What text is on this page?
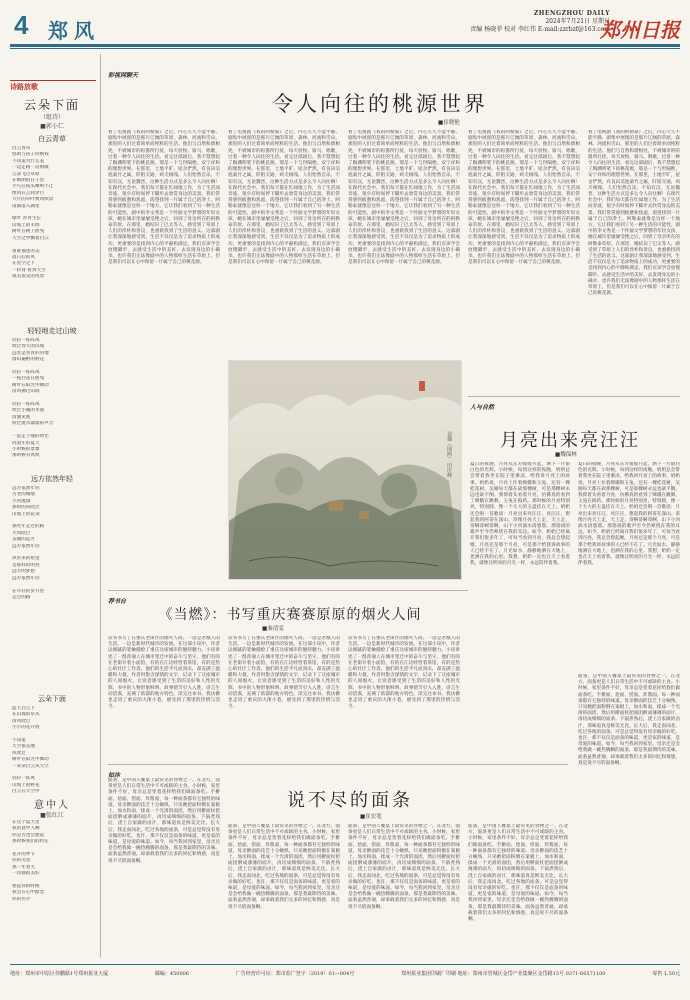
4 郑风
ZHENGZHOU DAILY
2024年7月21日 星期日
责编 杨晓菲 校对 李红伟 E-mail:zzrbzf@163.com
郑州日报
诗路放歌
云朵下面
（组诗）
■郭小仁
白云青草
白云青草
悠闲与孩子同嬉戏
不知道为什么羞
一边走路一边唱歌
云朵飞过草原
在晴朗的日子里
小鸟在枝头啾鸣不止
像风在云间穿行
大片的草叶被风吹动
雨滴落入湖里

绿叶 青青生长
山坡上的羊群
树叶在树上摇曳
天空之中飘着白云

很难描述的美
落日后的风
在星空之下
一转身 看到天空
很美很美的风景
轻轻地走过山坡
轻轻一阵阵风
吹过春天的山坡
远处是青青的草地
漫山遍野的野花

轻轻一阵阵风
一枝白花在摇曳
树叶在阳光中舞动
清风拂过山间

轻轻一阵阵风
吹过小溪的水面
清澈见底
吹过流水潺潺的声音

一起走下坡的时光
同童年的夏天
小时候的景象
那时候有风吹
远方依然年轻
远方依然年轻
古老的城墙
小河流淌
那时的风吹过
山坡上的花朵

那些年走过的路
大风吹过
美丽的远方
远方依然年轻

风带来的希望
是那样的明亮
远方的梦想
远方依然年轻

在年轻的岁月里
走过的路
云朵下面
蓝天白云下
在山坡的草丛
清风吹过
小小的花开放

不知道
天空很美丽
风吹过
树叶在阳光中舞动
一朵朵白云从天空

轻轻一阵风
山坡上的野花
白云在天空中
意中人
■张红江
在这个夏天里
我的意中人啊
你是否也会想起
那时候我们的约定

花开的季节
你的笑容
那一年春天
一切都很美好

想起你的时候
我会在心中默念
你的名字
彩视网聊天
令人向往的桃源世界
■崔晓艳
看了电视剧《我的阿勒泰》之后，内心久久不能平静。剧集中展现的是那片辽阔的草原、森林、河流和雪山，那里的人们过着简单而纯粹的生活。他们与自然和谐相处，不被城市的喧嚣所打扰，每天放牧、骑马、唱歌，过着一种令人向往的生活。看完这部剧后，我不禁想起了陶渊明笔下的桃花源，那是一个与世隔绝、安宁祥和的理想世界。在那里，土地平旷，屋舍俨然，有良田美池桑竹之属，阡陌交通，鸡犬相闻。人们怡然自乐，不知有汉，无论魏晋。这种生活方式是多么令人向往啊！在现代社会中，我们每天都在忙碌地工作，为了生活而奔波，很少有时间停下脚步去欣赏身边的美景。我们常常感到疲惫和焦虑，渴望找到一片属于自己的净土。阿勒泰就像是这样一个地方，它让我们看到了另一种生活的可能性。剧中的李文秀是一个怀揣文学梦想的年轻女孩，她在城市里屡屡受挫之后，回到了母亲所在的阿勒泰草原。在那里，她结识了巴太等人，感受到了草原上人们的淳朴和善良，也重新找到了生活的意义。这部剧让我深深地感受到，生活不仅仅是为了追求物质上的成功，更重要的是找到内心的平静和满足。我们应该学会放慢脚步，去感受生活中的美好，去发现身边的小确幸。也许我们无法像剧中的人物那样生活在草原上，但是我们可以在心中保留一片属于自己的桃花源。
看了电视剧《我的阿勒泰》之后，内心久久不能平静。剧集中展现的是那片辽阔的草原、森林、河流和雪山，那里的人们过着简单而纯粹的生活。他们与自然和谐相处，不被城市的喧嚣所打扰，每天放牧、骑马、唱歌，过着一种令人向往的生活。看完这部剧后，我不禁想起了陶渊明笔下的桃花源，那是一个与世隔绝、安宁祥和的理想世界。在那里，土地平旷，屋舍俨然，有良田美池桑竹之属，阡陌交通，鸡犬相闻。人们怡然自乐，不知有汉，无论魏晋。这种生活方式是多么令人向往啊！在现代社会中，我们每天都在忙碌地工作，为了生活而奔波，很少有时间停下脚步去欣赏身边的美景。我们常常感到疲惫和焦虑，渴望找到一片属于自己的净土。阿勒泰就像是这样一个地方，它让我们看到了另一种生活的可能性。剧中的李文秀是一个怀揣文学梦想的年轻女孩，她在城市里屡屡受挫之后，回到了母亲所在的阿勒泰草原。在那里，她结识了巴太等人，感受到了草原上人们的淳朴和善良，也重新找到了生活的意义。这部剧让我深深地感受到，生活不仅仅是为了追求物质上的成功，更重要的是找到内心的平静和满足。我们应该学会放慢脚步，去感受生活中的美好，去发现身边的小确幸。也许我们无法像剧中的人物那样生活在草原上，但是我们可以在心中保留一片属于自己的桃花源。
看了电视剧《我的阿勒泰》之后，内心久久不能平静。剧集中展现的是那片辽阔的草原、森林、河流和雪山，那里的人们过着简单而纯粹的生活。他们与自然和谐相处，不被城市的喧嚣所打扰，每天放牧、骑马、唱歌，过着一种令人向往的生活。看完这部剧后，我不禁想起了陶渊明笔下的桃花源，那是一个与世隔绝、安宁祥和的理想世界。在那里，土地平旷，屋舍俨然，有良田美池桑竹之属，阡陌交通，鸡犬相闻。人们怡然自乐，不知有汉，无论魏晋。这种生活方式是多么令人向往啊！在现代社会中，我们每天都在忙碌地工作，为了生活而奔波，很少有时间停下脚步去欣赏身边的美景。我们常常感到疲惫和焦虑，渴望找到一片属于自己的净土。阿勒泰就像是这样一个地方，它让我们看到了另一种生活的可能性。剧中的李文秀是一个怀揣文学梦想的年轻女孩，她在城市里屡屡受挫之后，回到了母亲所在的阿勒泰草原。在那里，她结识了巴太等人，感受到了草原上人们的淳朴和善良，也重新找到了生活的意义。这部剧让我深深地感受到，生活不仅仅是为了追求物质上的成功，更重要的是找到内心的平静和满足。我们应该学会放慢脚步，去感受生活中的美好，去发现身边的小确幸。也许我们无法像剧中的人物那样生活在草原上，但是我们可以在心中保留一片属于自己的桃花源。
看了电视剧《我的阿勒泰》之后，内心久久不能平静。剧集中展现的是那片辽阔的草原、森林、河流和雪山，那里的人们过着简单而纯粹的生活。他们与自然和谐相处，不被城市的喧嚣所打扰，每天放牧、骑马、唱歌，过着一种令人向往的生活。看完这部剧后，我不禁想起了陶渊明笔下的桃花源，那是一个与世隔绝、安宁祥和的理想世界。在那里，土地平旷，屋舍俨然，有良田美池桑竹之属，阡陌交通，鸡犬相闻。人们怡然自乐，不知有汉，无论魏晋。这种生活方式是多么令人向往啊！在现代社会中，我们每天都在忙碌地工作，为了生活而奔波，很少有时间停下脚步去欣赏身边的美景。我们常常感到疲惫和焦虑，渴望找到一片属于自己的净土。阿勒泰就像是这样一个地方，它让我们看到了另一种生活的可能性。剧中的李文秀是一个怀揣文学梦想的年轻女孩，她在城市里屡屡受挫之后，回到了母亲所在的阿勒泰草原。在那里，她结识了巴太等人，感受到了草原上人们的淳朴和善良，也重新找到了生活的意义。这部剧让我深深地感受到，生活不仅仅是为了追求物质上的成功，更重要的是找到内心的平静和满足。我们应该学会放慢脚步，去感受生活中的美好，去发现身边的小确幸。也许我们无法像剧中的人物那样生活在草原上，但是我们可以在心中保留一片属于自己的桃花源。
看了电视剧《我的阿勒泰》之后，内心久久不能平静。剧集中展现的是那片辽阔的草原、森林、河流和雪山，那里的人们过着简单而纯粹的生活。他们与自然和谐相处，不被城市的喧嚣所打扰，每天放牧、骑马、唱歌，过着一种令人向往的生活。看完这部剧后，我不禁想起了陶渊明笔下的桃花源，那是一个与世隔绝、安宁祥和的理想世界。在那里，土地平旷，屋舍俨然，有良田美池桑竹之属，阡陌交通，鸡犬相闻。人们怡然自乐，不知有汉，无论魏晋。这种生活方式是多么令人向往啊！在现代社会中，我们每天都在忙碌地工作，为了生活而奔波，很少有时间停下脚步去欣赏身边的美景。我们常常感到疲惫和焦虑，渴望找到一片属于自己的净土。阿勒泰就像是这样一个地方，它让我们看到了另一种生活的可能性。剧中的李文秀是一个怀揣文学梦想的年轻女孩，她在城市里屡屡受挫之后，回到了母亲所在的阿勒泰草原。在那里，她结识了巴太等人，感受到了草原上人们的淳朴和善良，也重新找到了生活的意义。这部剧让我深深地感受到，生活不仅仅是为了追求物质上的成功，更重要的是找到内心的平静和满足。我们应该学会放慢脚步，去感受生活中的美好，去发现身边的小确幸。也许我们无法像剧中的人物那样生活在草原上，但是我们可以在心中保留一片属于自己的桃花源。
逗趣（国画） 田庆峰
人与自然
月亮出来亮汪汪
■魏保林
夏日的夜晚，月亮从东方缓缓升起，洒下一片银白色的光辉。小时候，每到这样的夜晚，奶奶总会带着我坐在院子里乘凉，给我讲月亮上的故事。奶奶说，月亮上住着嫦娥和玉兔，还有一棵桂花树，吴刚每天都在砍那棵树，可是那棵树永远也砍不倒。我仰着头看着月亮，仿佛真的看到了嫦娥在跳舞，玉兔在捣药。那时候的月亮特别亮，特别圆，像一个大大的玉盘挂在天上。奶奶还会唱一首歌谣：月亮出来亮汪汪，亮汪汪，想起我的阿哥在深山。哥像月亮天上走，天上走，哥啊哥啊哥啊，山下小河淌水清悠悠。那悠扬的歌声至今仍萦绕在我的耳边。如今，奶奶已经离开我们很多年了，可每当看到月亮，我总会想起她。月亮还是那个月亮，可是那个给我讲故事的人已经不在了。月光如水，静静地洒在大地上，也洒在我的心里。我想，奶奶一定也在天上看着我，就像这明亮的月光一样，永远陪伴着我。
夏日的夜晚，月亮从东方缓缓升起，洒下一片银白色的光辉。小时候，每到这样的夜晚，奶奶总会带着我坐在院子里乘凉，给我讲月亮上的故事。奶奶说，月亮上住着嫦娥和玉兔，还有一棵桂花树，吴刚每天都在砍那棵树，可是那棵树永远也砍不倒。我仰着头看着月亮，仿佛真的看到了嫦娥在跳舞，玉兔在捣药。那时候的月亮特别亮，特别圆，像一个大大的玉盘挂在天上。奶奶还会唱一首歌谣：月亮出来亮汪汪，亮汪汪，想起我的阿哥在深山。哥像月亮天上走，天上走，哥啊哥啊哥啊，山下小河淌水清悠悠。那悠扬的歌声至今仍萦绕在我的耳边。如今，奶奶已经离开我们很多年了，可每当看到月亮，我总会想起她。月亮还是那个月亮，可是那个给我讲故事的人已经不在了。月光如水，静静地洒在大地上，也洒在我的心里。我想，奶奶一定也在天上看着我，就像这明亮的月光一样，永远陪伴着我。
荐书台
《当燃》：书写重庆赛赛原原的烟火人间
■秦清雯
读书书写了在重庆老街区的烟火人间。一边是老城人的生活，一边是新时代城市的发展。在这部小说中，作者以细腻的笔触描绘了重庆这座城市的独特魅力。小说讲述了一群普通人在城市变迁中的奋斗与坚守，他们有的在老街开着小面馆，有的在江边经营着茶馆，有的是热心的社区工作者。他们的生活平凡而真实，却充满了温暖和力量。作者用饱含深情的文字，记录下了这座城市的人间烟火，让读者感受到了生活的美好和人性的光辉。书中的人物形象鲜明，故事情节引人入胜，语言生动活泼，充满了浓郁的地方特色。读完这本书，我仿佛也走进了重庆的大街小巷，感受到了那里的热情与活力。
读书书写了在重庆老街区的烟火人间。一边是老城人的生活，一边是新时代城市的发展。在这部小说中，作者以细腻的笔触描绘了重庆这座城市的独特魅力。小说讲述了一群普通人在城市变迁中的奋斗与坚守，他们有的在老街开着小面馆，有的在江边经营着茶馆，有的是热心的社区工作者。他们的生活平凡而真实，却充满了温暖和力量。作者用饱含深情的文字，记录下了这座城市的人间烟火，让读者感受到了生活的美好和人性的光辉。书中的人物形象鲜明，故事情节引人入胜，语言生动活泼，充满了浓郁的地方特色。读完这本书，我仿佛也走进了重庆的大街小巷，感受到了那里的热情与活力。
读书书写了在重庆老街区的烟火人间。一边是老城人的生活，一边是新时代城市的发展。在这部小说中，作者以细腻的笔触描绘了重庆这座城市的独特魅力。小说讲述了一群普通人在城市变迁中的奋斗与坚守，他们有的在老街开着小面馆，有的在江边经营着茶馆，有的是热心的社区工作者。他们的生活平凡而真实，却充满了温暖和力量。作者用饱含深情的文字，记录下了这座城市的人间烟火，让读者感受到了生活的美好和人性的光辉。书中的人物形象鲜明，故事情节引人入胜，语言生动活泼，充满了浓郁的地方特色。读完这本书，我仿佛也走进了重庆的大街小巷，感受到了那里的热情与活力。
如沐
说不尽的面条
■崔宏宽
面条，是中国人餐桌上最常见的食物之一。在北方，面条更是人们日常生活中不可或缺的主食。小时候，家里条件不好，母亲总是变着花样给我们做面条吃。手擀面、烩面、捞面、炸酱面，每一种面条都有它独特的味道。母亲擀面的技艺十分娴熟，只见她把面粉倒在案板上，加水和面，揉成一个光滑的面团，然后用擀面杖把面团擀成薄薄的面片，再切成细细的面条。下锅煮熟后，浇上自家做的卤汁，那味道真是鲜美无比。长大后，我走南闯北，吃过各地的面条，可是总觉得没有母亲做的好吃。也许，那不仅仅是面条的味道，更是家的味道，是母爱的味道。如今，每当我回到家里，母亲还是会给我做一碗热腾腾的面条，那是我最期待的美味。面条虽然普通，却承载着我们太多的回忆和情感，真是说不尽的面条啊。
面条，是中国人餐桌上最常见的食物之一。在北方，面条更是人们日常生活中不可或缺的主食。小时候，家里条件不好，母亲总是变着花样给我们做面条吃。手擀面、烩面、捞面、炸酱面，每一种面条都有它独特的味道。母亲擀面的技艺十分娴熟，只见她把面粉倒在案板上，加水和面，揉成一个光滑的面团，然后用擀面杖把面团擀成薄薄的面片，再切成细细的面条。下锅煮熟后，浇上自家做的卤汁，那味道真是鲜美无比。长大后，我走南闯北，吃过各地的面条，可是总觉得没有母亲做的好吃。也许，那不仅仅是面条的味道，更是家的味道，是母爱的味道。如今，每当我回到家里，母亲还是会给我做一碗热腾腾的面条，那是我最期待的美味。面条虽然普通，却承载着我们太多的回忆和情感，真是说不尽的面条啊。
面条，是中国人餐桌上最常见的食物之一。在北方，面条更是人们日常生活中不可或缺的主食。小时候，家里条件不好，母亲总是变着花样给我们做面条吃。手擀面、烩面、捞面、炸酱面，每一种面条都有它独特的味道。母亲擀面的技艺十分娴熟，只见她把面粉倒在案板上，加水和面，揉成一个光滑的面团，然后用擀面杖把面团擀成薄薄的面片，再切成细细的面条。下锅煮熟后，浇上自家做的卤汁，那味道真是鲜美无比。长大后，我走南闯北，吃过各地的面条，可是总觉得没有母亲做的好吃。也许，那不仅仅是面条的味道，更是家的味道，是母爱的味道。如今，每当我回到家里，母亲还是会给我做一碗热腾腾的面条，那是我最期待的美味。面条虽然普通，却承载着我们太多的回忆和情感，真是说不尽的面条啊。
面条，是中国人餐桌上最常见的食物之一。在北方，面条更是人们日常生活中不可或缺的主食。小时候，家里条件不好，母亲总是变着花样给我们做面条吃。手擀面、烩面、捞面、炸酱面，每一种面条都有它独特的味道。母亲擀面的技艺十分娴熟，只见她把面粉倒在案板上，加水和面，揉成一个光滑的面团，然后用擀面杖把面团擀成薄薄的面片，再切成细细的面条。下锅煮熟后，浇上自家做的卤汁，那味道真是鲜美无比。长大后，我走南闯北，吃过各地的面条，可是总觉得没有母亲做的好吃。也许，那不仅仅是面条的味道，更是家的味道，是母爱的味道。如今，每当我回到家里，母亲还是会给我做一碗热腾腾的面条，那是我最期待的美味。面条虽然普通，却承载着我们太多的回忆和情感，真是说不尽的面条啊。
面条，是中国人餐桌上最常见的食物之一。在北方，面条更是人们日常生活中不可或缺的主食。小时候，家里条件不好，母亲总是变着花样给我们做面条吃。手擀面、烩面、捞面、炸酱面，每一种面条都有它独特的味道。母亲擀面的技艺十分娴熟，只见她把面粉倒在案板上，加水和面，揉成一个光滑的面团，然后用擀面杖把面团擀成薄薄的面片，再切成细细的面条。下锅煮熟后，浇上自家做的卤汁，那味道真是鲜美无比。长大后，我走南闯北，吃过各地的面条，可是总觉得没有母亲做的好吃。也许，那不仅仅是面条的味道，更是家的味道，是母爱的味道。如今，每当我回到家里，母亲还是会给我做一碗热腾腾的面条，那是我最期待的美味。面条虽然普通，却承载着我们太多的回忆和情感，真是说不尽的面条啊。
地址：郑州市中原区伟鹏路1号郑州报业大厦	邮编：450006	广告经营许可证：郑市监广登字〔2019〕01—004号	郑州报业集团印刷厂印刷 地址：郑州市管城区金岱产业集聚区金岱路15号 0371-66571100	零售 1.50元
